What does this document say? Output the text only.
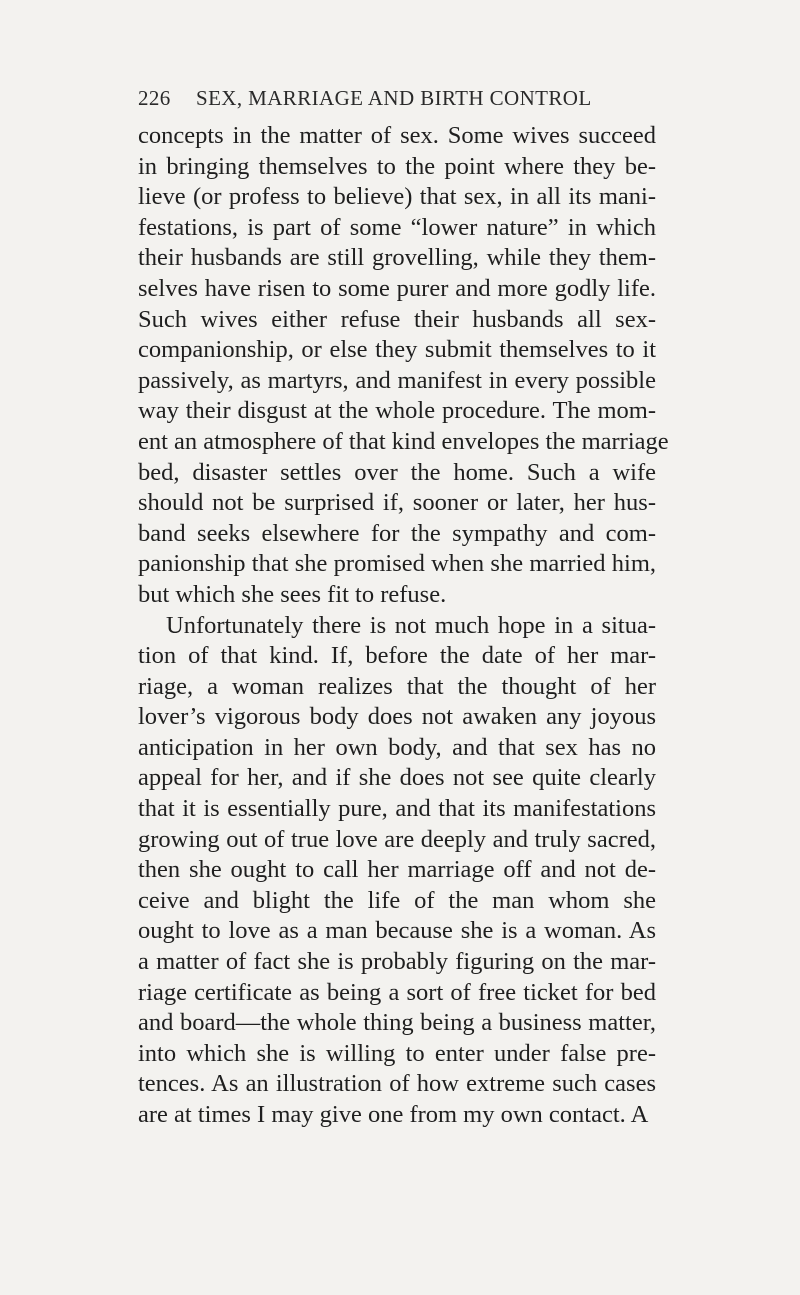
226	SEX, MARRIAGE AND BIRTH CONTROL
concepts in the matter of sex. Some wives succeed
in bringing themselves to the point where they be-
lieve (or profess to believe) that sex, in all its mani-
festations, is part of some “lower nature” in which
their husbands are still grovelling, while they them-
selves have risen to some purer and more godly life.
Such wives either refuse their husbands all sex-
companionship, or else they submit themselves to it
passively, as martyrs, and manifest in every possible
way their disgust at the whole procedure. The mom-
ent an atmosphere of that kind envelopes the marriage
bed, disaster settles over the home. Such a wife
should not be surprised if, sooner or later, her hus-
band seeks elsewhere for the sympathy and com-
panionship that she promised when she married him,
but which she sees fit to refuse.
Unfortunately there is not much hope in a situa-
tion of that kind. If, before the date of her mar-
riage, a woman realizes that the thought of her
lover’s vigorous body does not awaken any joyous
anticipation in her own body, and that sex has no
appeal for her, and if she does not see quite clearly
that it is essentially pure, and that its manifestations
growing out of true love are deeply and truly sacred,
then she ought to call her marriage off and not de-
ceive and blight the life of the man whom she
ought to love as a man because she is a woman. As
a matter of fact she is probably figuring on the mar-
riage certificate as being a sort of free ticket for bed
and board—the whole thing being a business matter,
into which she is willing to enter under false pre-
tences. As an illustration of how extreme such cases
are at times I may give one from my own contact. A
